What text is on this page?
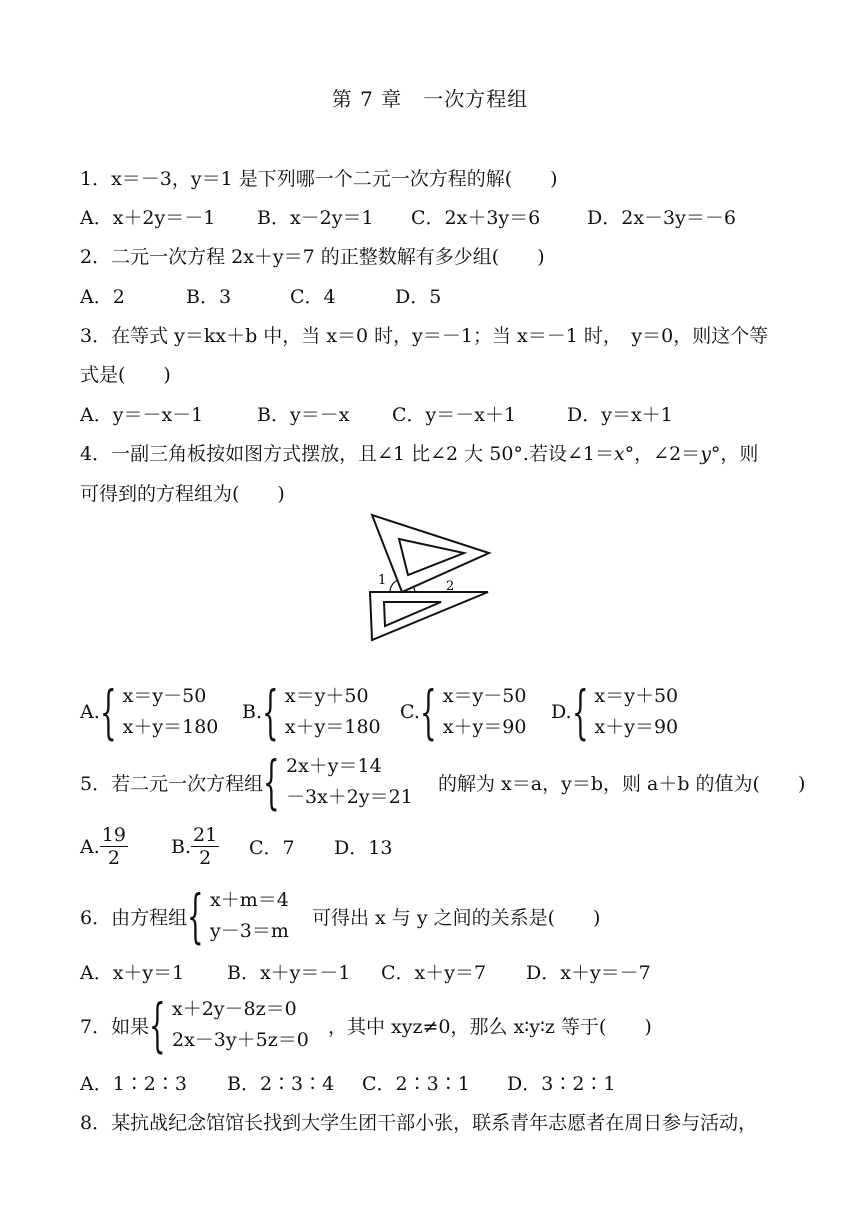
第 7 章　一次方程组
1．x＝－3，y＝1 是下列哪一个二元一次方程的解(　　)
A．x＋2y＝－1 B．x－2y＝1 C．2x＋3y＝6 D．2x－3y＝－6
2．二元一次方程 2x＋y＝7 的正整数解有多少组(　　)
A．2	B．3	C．4	D．5
3．在等式 y＝kx＋b 中，当 x＝0 时，y＝－1；当 x＝－1 时，　y＝0，则这个等
式是(　　)
A．y＝－x－1	B．y＝－x C．y＝－x＋1	D．y＝x＋1
4．一副三角板按如图方式摆放，且∠1 比∠2 大 50°.若设∠1＝x°，∠2＝y°，则
可得到的方程组为(　　)
1	2
A. { x＝y－50
x＋y＝180
B. { x＝y＋50
x＋y＝180
C. { x＝y－50
x＋y＝90
D. { x＝y＋50
x＋y＝90
5．若二元一次方程组 { 2x＋y＝14
－3x＋2y＝21
的解为 x＝a，y＝b，则 a＋b 的值为(　　)
A. $\frac{19}{2} B$. $\frac{21}{2}$ C．7	D．13
6．由方程组 { x＋m＝4
y－3＝m
可得出 x 与 y 之间的关系是(　　)
A．x＋y＝1 B．x＋y＝－1 C．x＋y＝7 D．x＋y＝－7
7．如果 { x＋2y－8z＝0
2x－3y＋5z＝0
，其中 xyz≠0，那么 x∶y∶z 等于(　　)
A．1∶2∶3 B．2∶3∶4 C．2∶3∶1 D．3∶2∶1
8．某抗战纪念馆馆长找到大学生团干部小张，联系青年志愿者在周日参与活动，
